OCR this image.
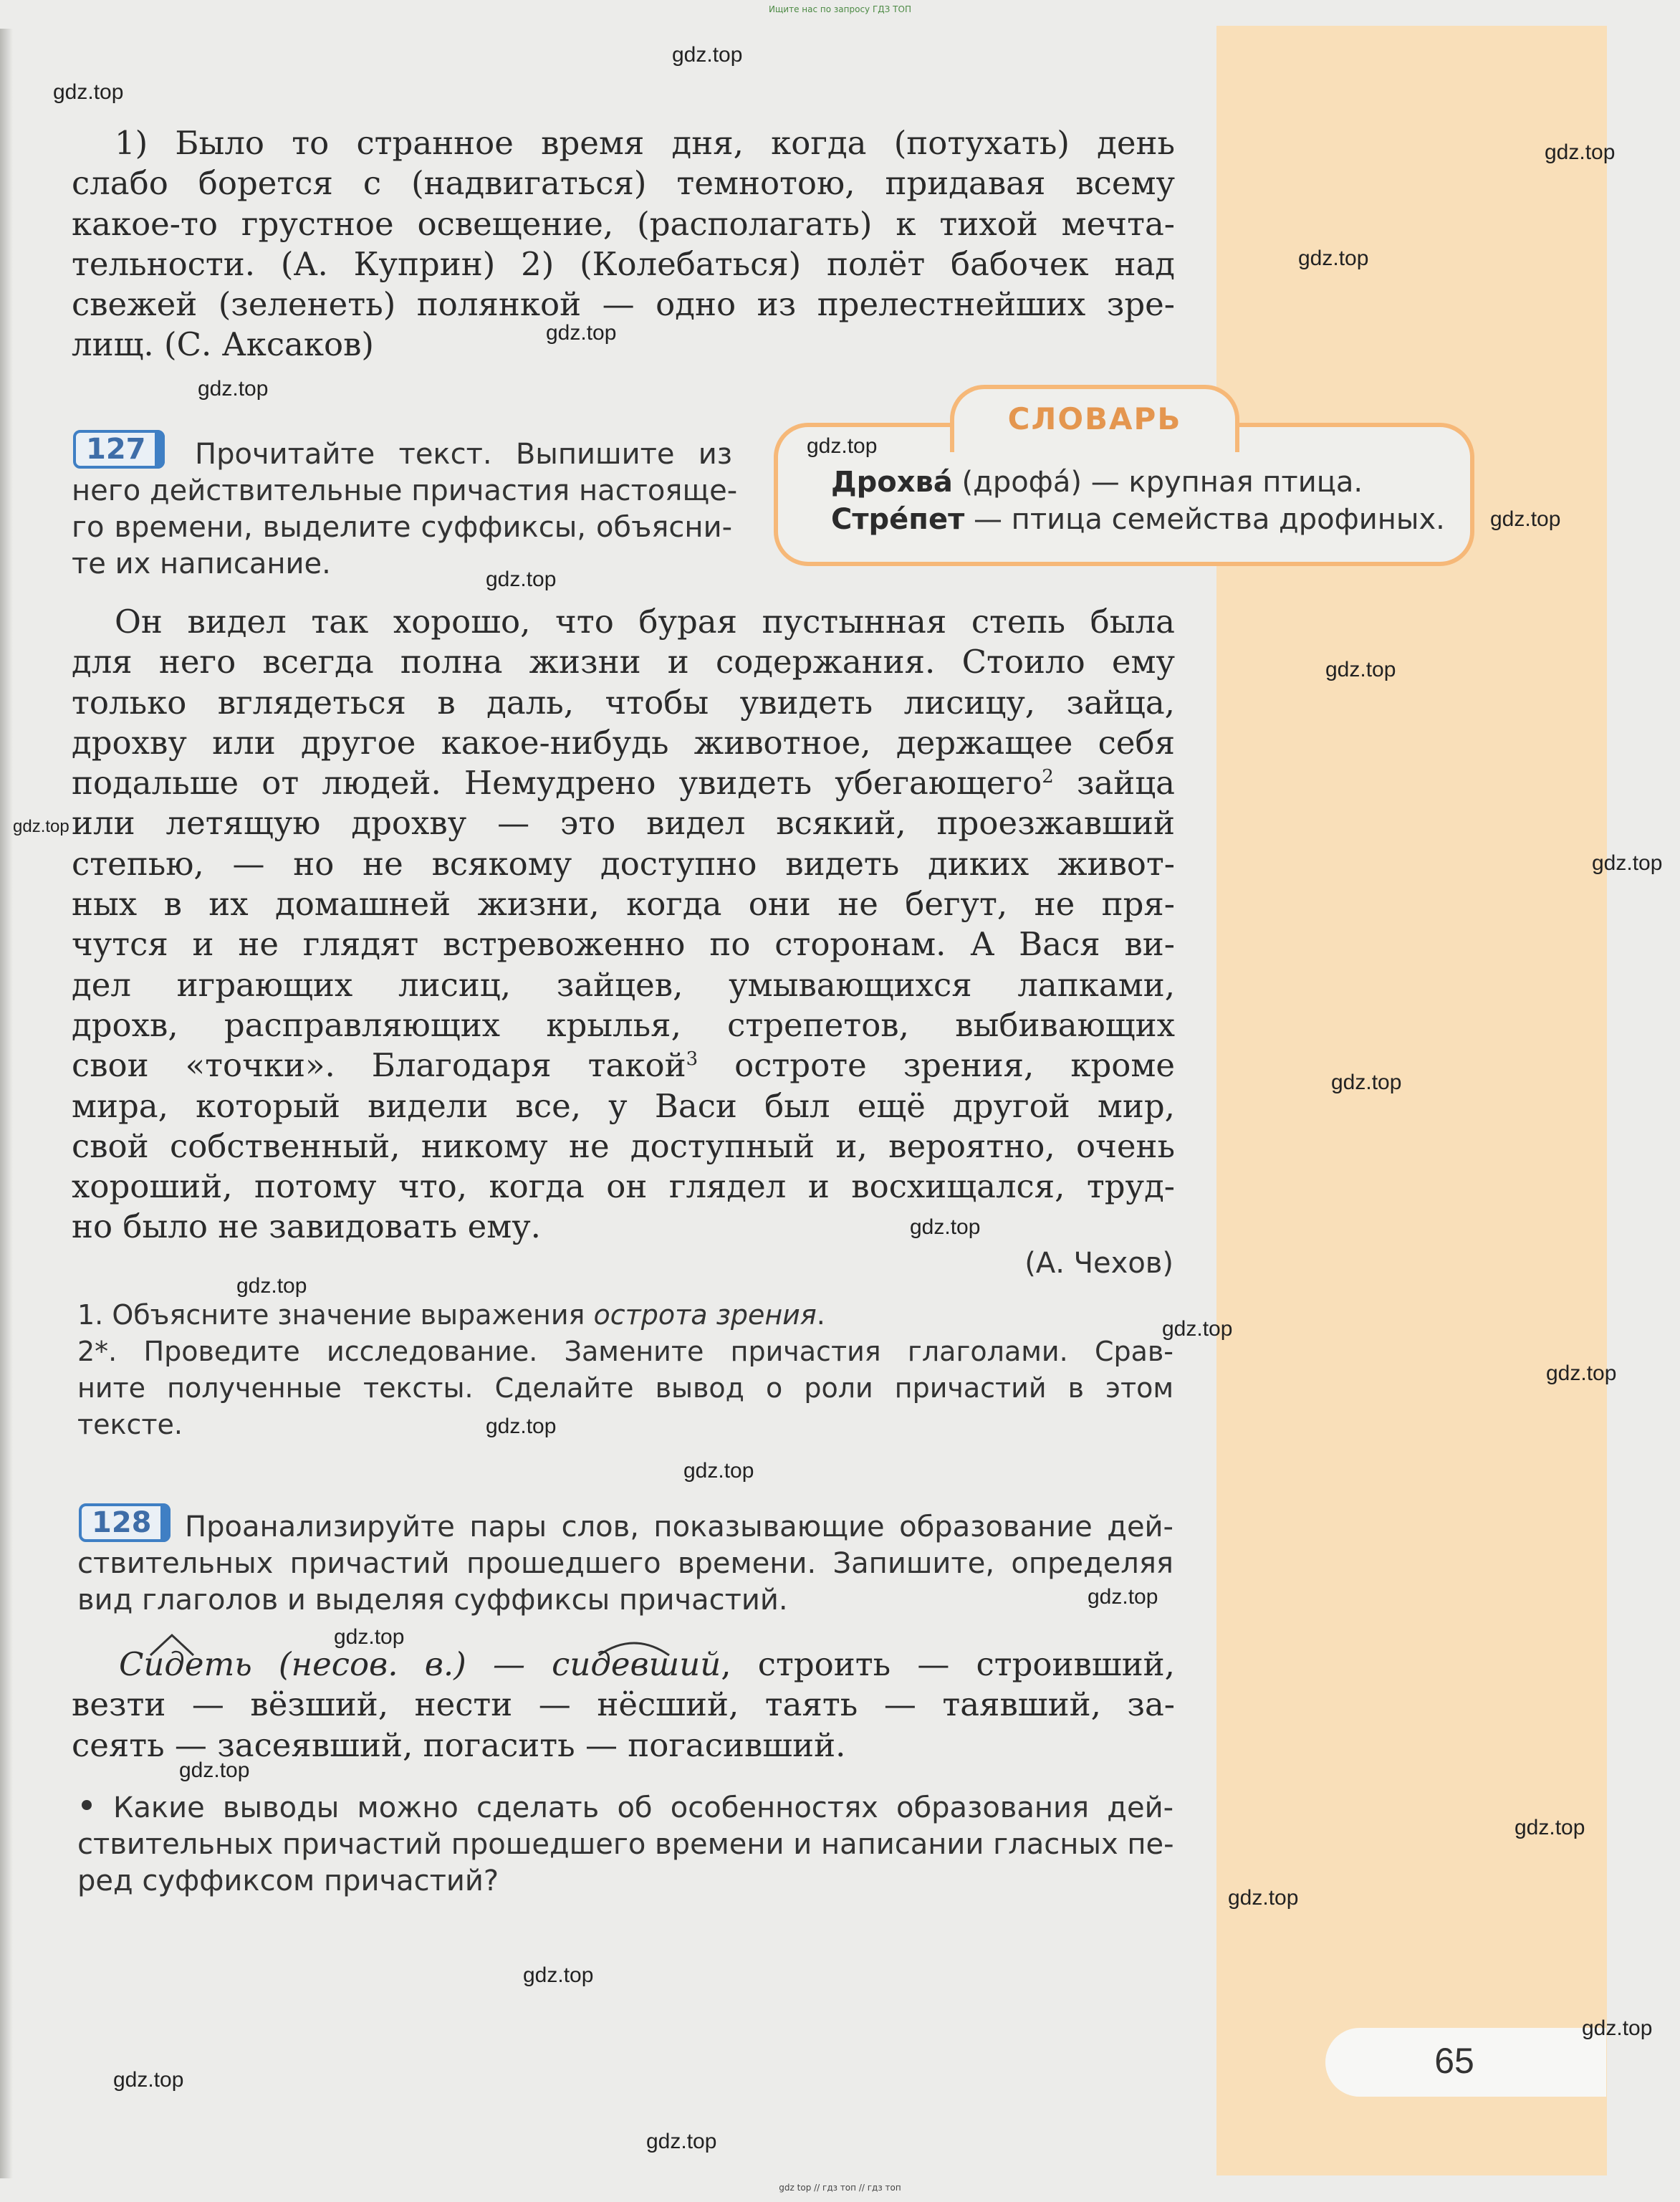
Ищите нас по запросу ГДЗ ТОП
1) Было то странное время дня, когда (потухать) день
слабо борется с (надвигаться) темнотою, придавая всему
какое-то грустное освещение, (располагать) к тихой мечта-
тельности. (А. Куприн) 2) (Колебаться) полёт бабочек над
свежей (зеленеть) полянкой — одно из прелестнейших зре-
лищ. (С. Аксаков)
127	Прочитайте текст. Выпишите из
него действительные причастия настояще-
го времени, выделите суффиксы, объясни-
те их написание.
СЛОВАРЬ
Дрохвá (дрофá) — крупная птица.
Стрéпет — птица семейства дрофиных.
Он видел так хорошо, что бурая пустынная степь была
для него всегда полна жизни и содержания. Стоило ему
только вглядеться в даль, чтобы увидеть лисицу, зайца,
дрохву или другое какое-нибудь животное, держащее себя
подальше от людей. Немудрено увидеть убегающего$^2$ зайца
или летящую дрохву — это видел всякий, проезжавший
степью, — но не всякому доступно видеть диких живот-
ных в их домашней жизни, когда они не бегут, не пря-
чутся и не глядят встревоженно по сторонам. А Вася ви-
дел играющих лисиц, зайцев, умывающихся лапками,
дрохв, расправляющих крылья, стрепетов, выбивающих
свои «точки». Благодаря такой$^3$ остроте зрения, кроме
мира, который видели все, у Васи был ещё другой мир,
свой собственный, никому не доступный и, вероятно, очень
хороший, потому что, когда он глядел и восхищался, труд-
но было не завидовать ему.
(А. Чехов)
1. Объясните значение выражения острота зрения.
2*. Проведите исследование. Замените причастия глаголами. Срав-
ните полученные тексты. Сделайте вывод о роли причастий в этом
тексте.
128	Проанализируйте пары слов, показывающие образование дей-
ствительных причастий прошедшего времени. Запишите, определяя
вид глаголов и выделяя суффиксы причастий.
Сидеть (несов. в.) — сидевший, строить — строивший,
везти — вёзший, нести — нёсший, таять — таявший, за-
сеять — засеявший, погасить — погасивший.
Какие выводы можно сделать об особенностях образования дей-
ствительных причастий прошедшего времени и написании гласных пе-
ред суффиксом причастий?
65
gdz.top
gdz.top
gdz.top
gdz.top
gdz.top
gdz.top
gdz.top
gdz.top
gdz.top
gdz.top
gdz.top
gdz.top
gdz.top
gdz.top
gdz.top
gdz.top
gdz.top
gdz.top
gdz.top
gdz.top
gdz.top
gdz.top
gdz.top
gdz.top
gdz.top
gdz.top
gdz.top
gdz.top
gdz top // гдз топ // гдз топ
